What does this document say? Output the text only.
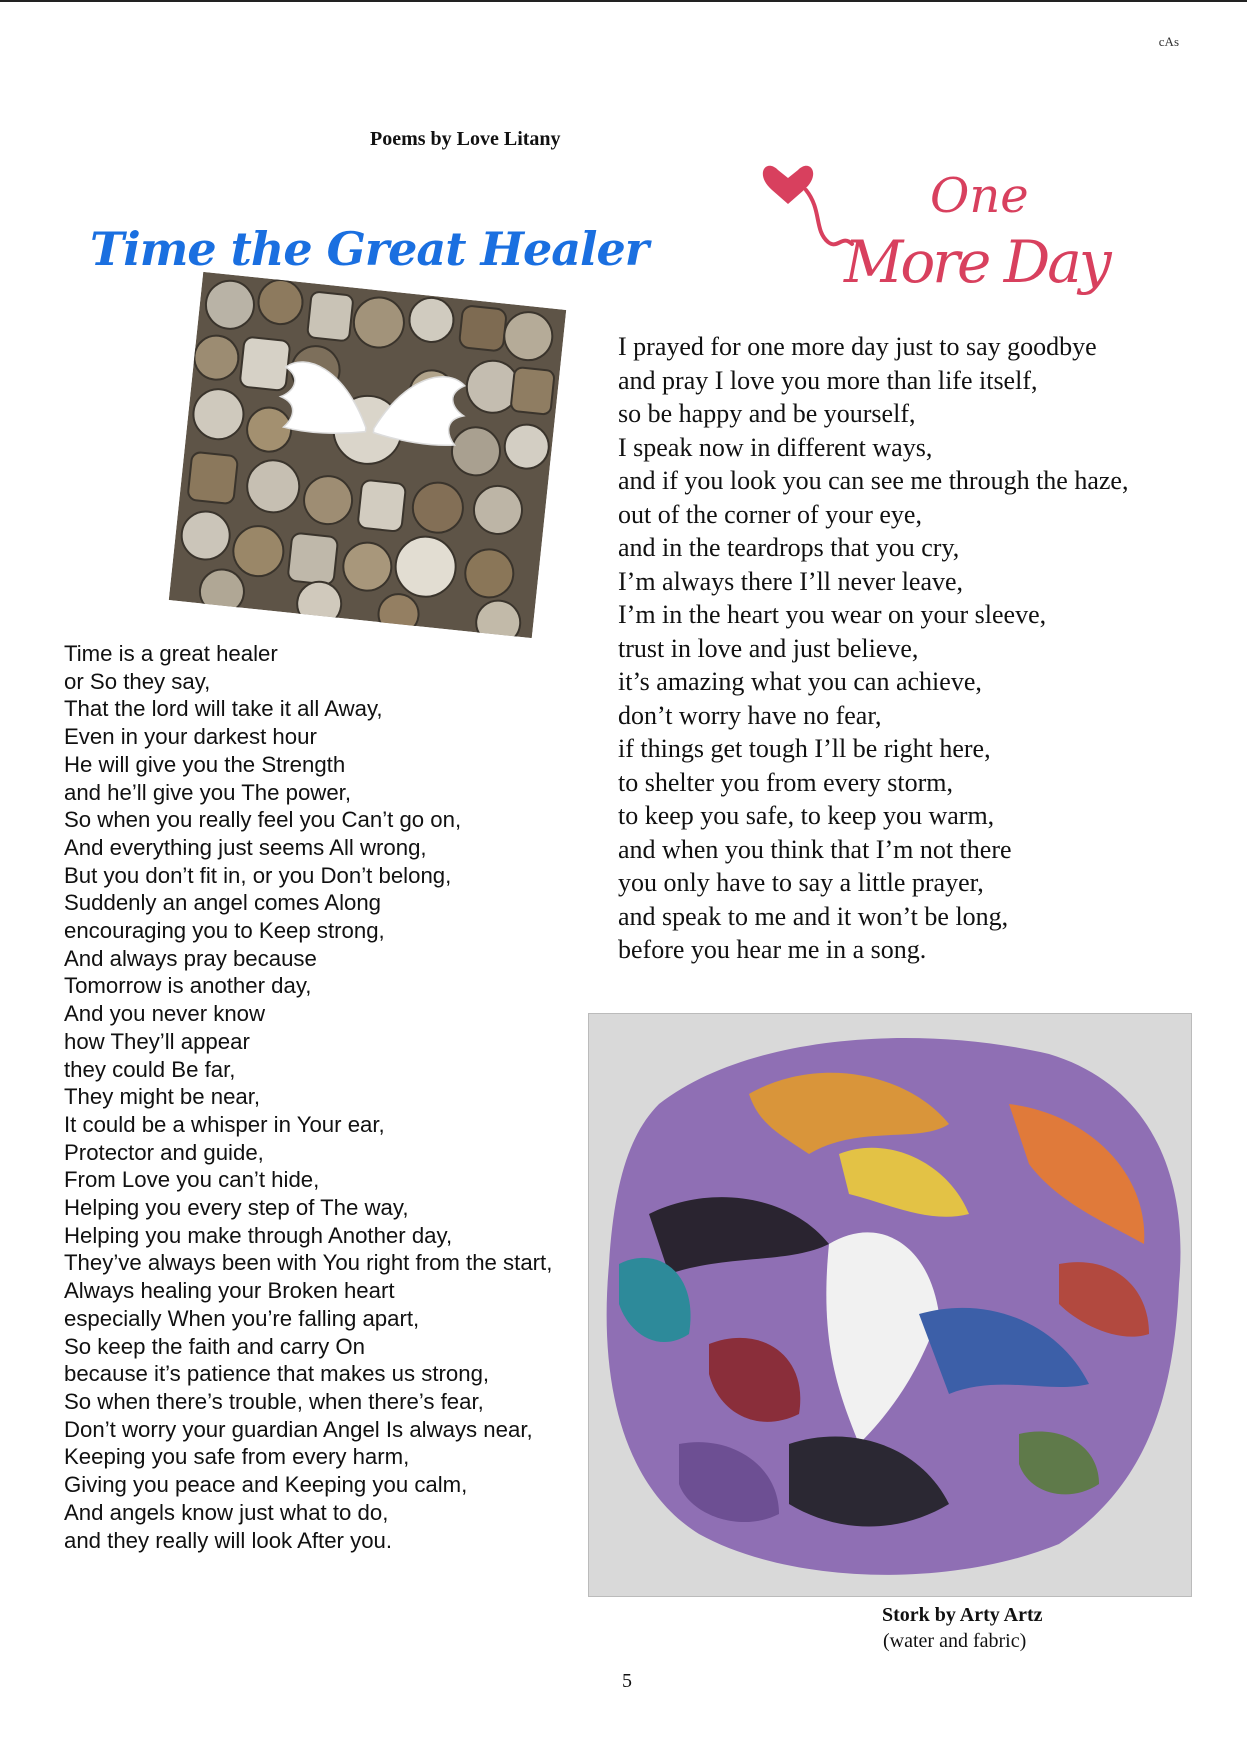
cAs
Poems by Love Litany
Time the Great Healer
One
More Day
Time is a great healer
or So they say,
That the lord will take it all Away,
Even in your darkest hour
He will give you the Strength
and he’ll give you The power,
So when you really feel you Can’t go on,
And everything just seems All wrong,
But you don’t fit in, or you Don’t belong,
Suddenly an angel comes Along
encouraging you to Keep strong,
And always pray because
Tomorrow is another day,
And you never know
how They’ll appear
they could Be far,
They might be near,
It could be a whisper in Your ear,
Protector and guide,
From Love you can’t hide,
Helping you every step of The way,
Helping you make through Another day,
They’ve always been with You right from the start,
Always healing your Broken heart
especially When you’re falling apart,
So keep the faith and carry On
because it’s patience that makes us strong,
So when there’s trouble, when there’s fear,
Don’t worry your guardian Angel Is always near,
Keeping you safe from every harm,
Giving you peace and Keeping you calm,
And angels know just what to do,
and they really will look After you.
I prayed for one more day just to say goodbye
and pray I love you more than life itself,
so be happy and be yourself,
I speak now in different ways,
and if you look you can see me through the haze,
out of the corner of your eye,
and in the teardrops that you cry,
I’m always there I’ll never leave,
I’m in the heart you wear on your sleeve,
trust in love and just believe,
it’s amazing what you can achieve,
don’t worry have no fear,
if things get tough I’ll be right here,
to shelter you from every storm,
to keep you safe, to keep you warm,
and when you think that I’m not there
you only have to say a little prayer,
and speak to me and it won’t be long,
before you hear me in a song.
Stork by Arty Artz
(water and fabric)
5
